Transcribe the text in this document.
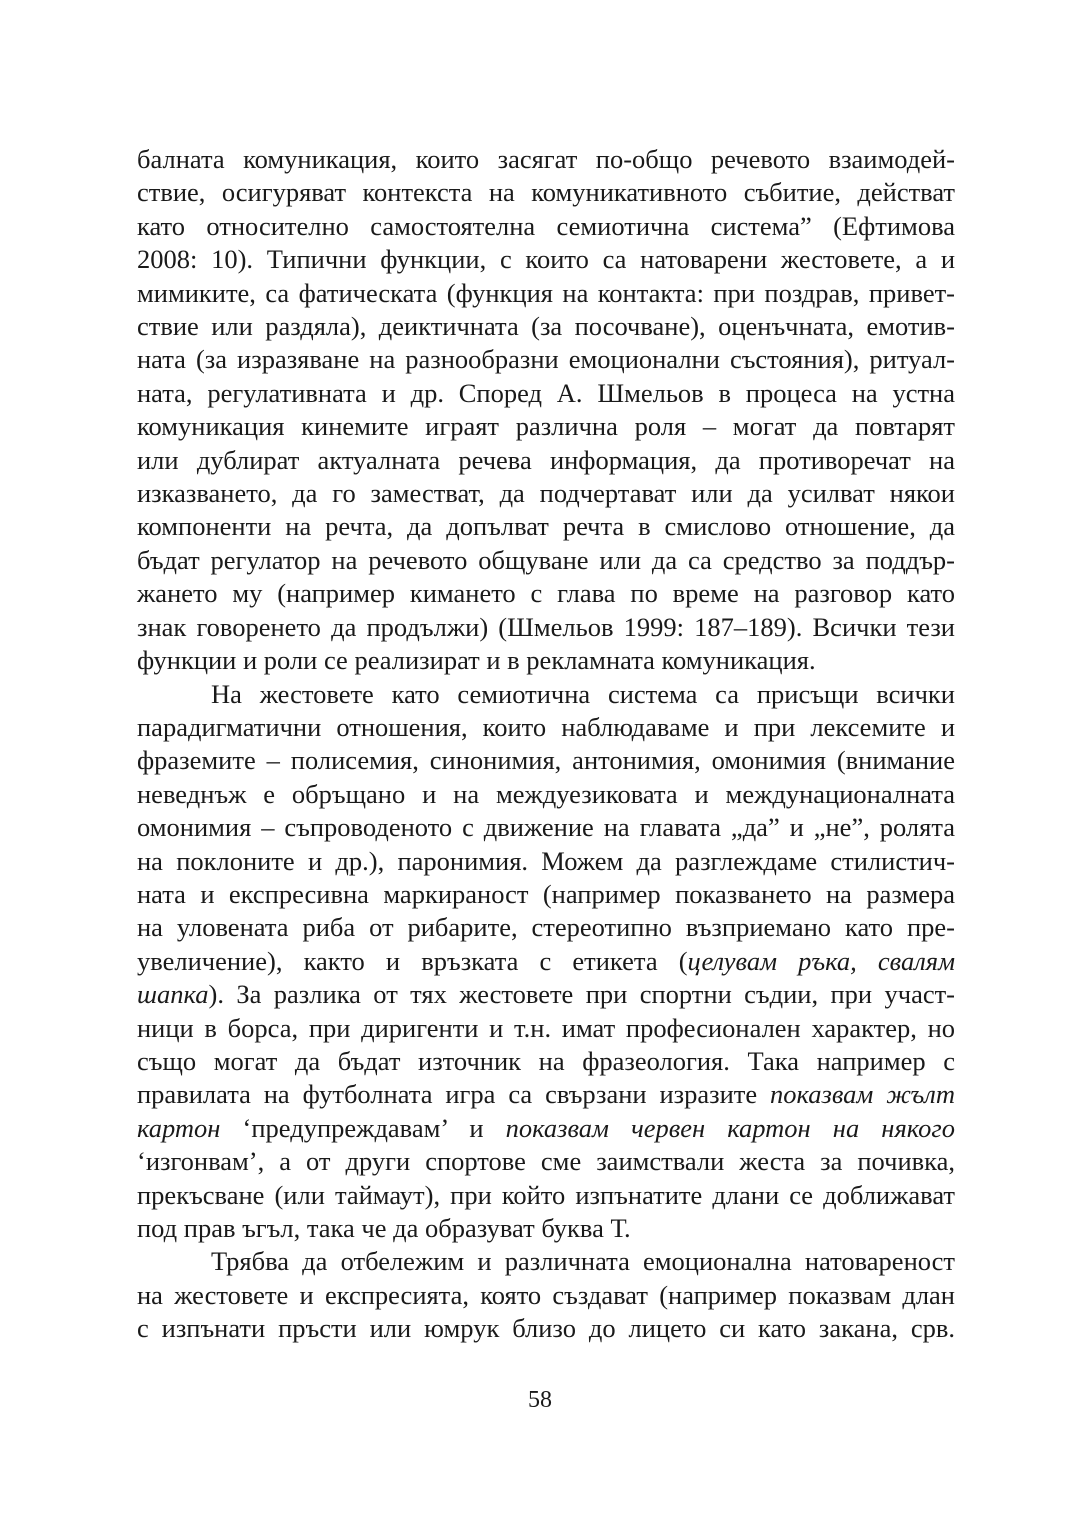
балната комуникация, които засягат по-общо речевото взаимодей-
ствие, осигуряват контекста на комуникативното събитие, действат
като относително самостоятелна семиотична система” (Ефтимова
2008: 10). Типични функции, с които са натоварени жестовете, а и
мимиките, са фатическата (функция на контакта: при поздрав, привет-
ствие или раздяла), деиктичната (за посочване), оценъчната, емотив-
ната (за изразяване на разнообразни емоционални състояния), ритуал-
ната, регулативната и др. Според А. Шмельов в процеса на устна
комуникация кинемите играят различна роля – могат да повтарят
или дублират актуалната речева информация, да противоречат на
изказването, да го заместват, да подчертават или да усилват някои
компоненти на речта, да допълват речта в смислово отношение, да
бъдат регулатор на речевото общуване или да са средство за поддър-
жането му (например кимането с глава по време на разговор като
знак говоренето да продължи) (Шмельов 1999: 187–189). Всички тези
функции и роли се реализират и в рекламната комуникация.
На жестовете като семиотична система са присъщи всички
парадигматични отношения, които наблюдаваме и при лексемите и
фраземите – полисемия, синонимия, антонимия, омонимия (внимание
неведнъж е обръщано и на междуезиковата и междунационалната
омонимия – съпроводеното с движение на главата „да” и „не”, ролята
на поклоните и др.), паронимия. Можем да разглеждаме стилистич-
ната и експресивна маркираност (например показването на размера
на уловената риба от рибарите, стереотипно възприемано като пре-
увеличение), както и връзката с етикета (целувам ръка, свалям
шапка). За разлика от тях жестовете при спортни съдии, при участ-
ници в борса, при диригенти и т.н. имат професионален характер, но
също могат да бъдат източник на фразеология. Така например с
правилата на футболната игра са свързани изразите показвам жълт
картон ‘предупреждавам’ и показвам червен картон на някого
‘изгонвам’, а от други спортове сме заимствали жеста за почивка,
прекъсване (или таймаут), при който изпънатите длани се доближават
под прав ъгъл, така че да образуват буква Т.
Трябва да отбележим и различната емоционална натовареност
на жестовете и експресията, която създават (например показвам длан
с изпънати пръсти или юмрук близо до лицето си като закана, срв.
58
